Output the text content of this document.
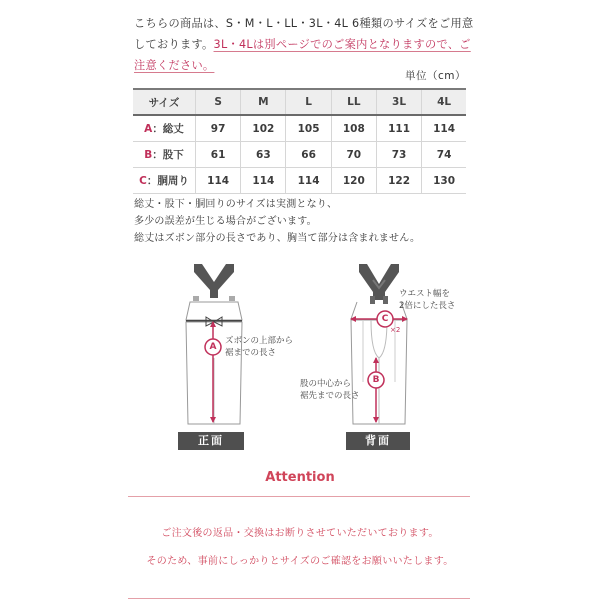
こちらの商品は、S・M・L・LL・3L・4L 6種類のサイズをご用意しております。3L・4Lは別ページでのご案内となりますので、ご注意ください。
単位（cm）
サイズ	S	M	L	LL	3L	4L
A：総丈	97	102	105	108	111	114
B：股下	61	63	66	70	73	74
C：胴周り	114	114	114	120	122	130
総丈・股下・胴回りのサイズは実測となり、
多少の誤差が生じる場合がございます。
総丈はズボン部分の長さであり、胸当て部分は含まれません。
A
ズボンの上部から
裾までの長さ
正面
C
×2
ウエスト幅を
2倍にした長さ
B
股の中心から
裾先までの長さ
背面
Attention
ご注文後の返品・交換はお断りさせていただいております。
そのため、事前にしっかりとサイズのご確認をお願いいたします。
